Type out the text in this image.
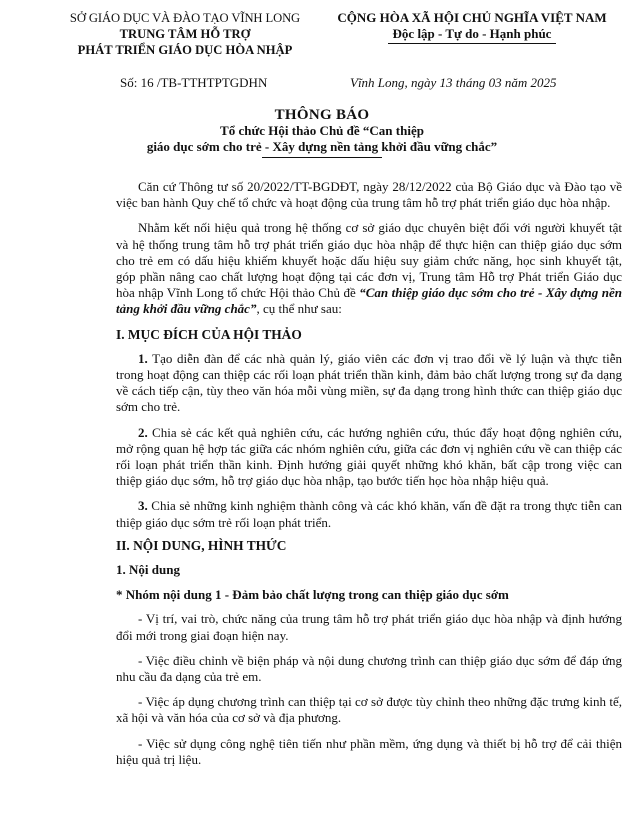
SỞ GIÁO DỤC VÀ ĐÀO TẠO VĨNH LONG
TRUNG TÂM HỖ TRỢ
PHÁT TRIỂN GIÁO DỤC HÒA NHẬP
CỘNG HÒA XÃ HỘI CHỦ NGHĨA VIỆT NAM
Độc lập - Tự do - Hạnh phúc
Số: 16 /TB-TTHTPTGDHN	Vĩnh Long, ngày 13 tháng 03 năm 2025
THÔNG BÁO
Tổ chức Hội thảo Chủ đề “Can thiệp
giáo dục sớm cho trẻ - Xây dựng nền tảng khởi đầu vững chắc”

Căn cứ Thông tư số 20/2022/TT-BGDĐT, ngày 28/12/2022 của Bộ Giáo dục và Đào tạo về việc ban hành Quy chế tổ chức và hoạt động của trung tâm hỗ trợ phát triển giáo dục hòa nhập.

Nhằm kết nối hiệu quả trong hệ thống cơ sở giáo dục chuyên biệt đối với người khuyết tật và hệ thống trung tâm hỗ trợ phát triển giáo dục hòa nhập để thực hiện can thiệp giáo dục sớm cho trẻ em có dấu hiệu khiếm khuyết hoặc dấu hiệu suy giảm chức năng, học sinh khuyết tật, góp phần nâng cao chất lượng hoạt động tại các đơn vị, Trung tâm Hỗ trợ Phát triển Giáo dục hòa nhập Vĩnh Long tổ chức Hội thảo Chủ đề “Can thiệp giáo dục sớm cho trẻ - Xây dựng nền tảng khởi đầu vững chắc”, cụ thể như sau:

I. MỤC ĐÍCH CỦA HỘI THẢO

1. Tạo diễn đàn để các nhà quản lý, giáo viên các đơn vị trao đổi về lý luận và thực tiễn trong hoạt động can thiệp các rối loạn phát triển thần kinh, đảm bảo chất lượng trong sự đa dạng về cách tiếp cận, tùy theo văn hóa mỗi vùng miền, sự đa dạng trong hình thức can thiệp giáo dục sớm cho trẻ.

2. Chia sẻ các kết quả nghiên cứu, các hướng nghiên cứu, thúc đẩy hoạt động nghiên cứu, mở rộng quan hệ hợp tác giữa các nhóm nghiên cứu, giữa các đơn vị nghiên cứu về can thiệp các rối loạn phát triển thần kinh. Định hướng giải quyết những khó khăn, bất cập trong việc can thiệp giáo dục sớm, hỗ trợ giáo dục hòa nhập, tạo bước tiến học hòa nhập hiệu quả.

3. Chia sẻ những kinh nghiệm thành công và các khó khăn, vấn đề đặt ra trong thực tiễn can thiệp giáo dục sớm trẻ rối loạn phát triển.

II. NỘI DUNG, HÌNH THỨC
1. Nội dung
* Nhóm nội dung 1 - Đảm bảo chất lượng trong can thiệp giáo dục sớm

- Vị trí, vai trò, chức năng của trung tâm hỗ trợ phát triển giáo dục hòa nhập và định hướng đổi mới trong giai đoạn hiện nay.

- Việc điều chỉnh về biện pháp và nội dung chương trình can thiệp giáo dục sớm để đáp ứng nhu cầu đa dạng của trẻ em.

- Việc áp dụng chương trình can thiệp tại cơ sở được tùy chỉnh theo những đặc trưng kinh tế, xã hội và văn hóa của cơ sở và địa phương.

- Việc sử dụng công nghệ tiên tiến như phần mềm, ứng dụng và thiết bị hỗ trợ để cải thiện hiệu quả trị liệu.
